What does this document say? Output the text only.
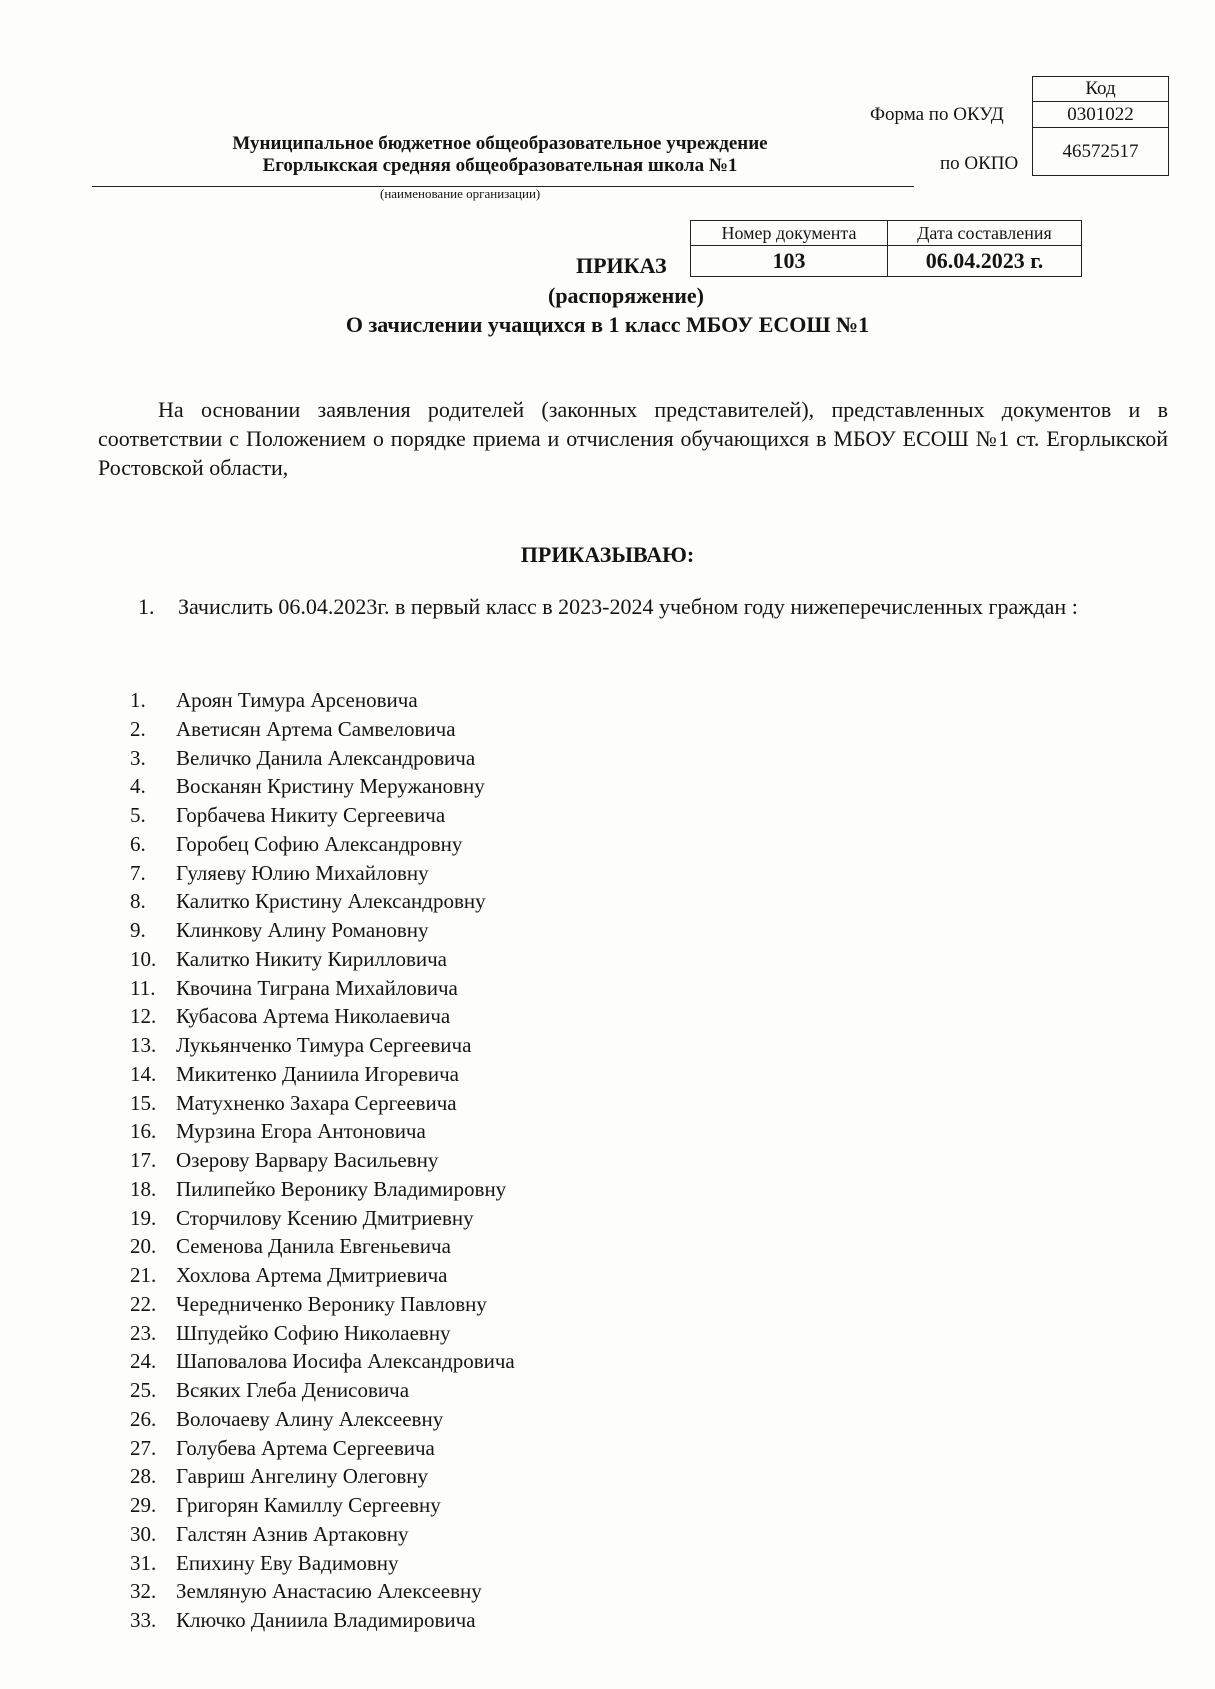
Муниципальное бюджетное общеобразовательное учреждение
Егорлыкская средняя общеобразовательная школа №1
(наименование организации)
Форма по ОКУД
по ОКПО
Код
0301022
46572517
Номер документа	Дата составления
103	06.04.2023 г.
ПРИКАЗ
(распоряжение)
О зачислении учащихся в 1 класс МБОУ ЕСОШ №1
На основании заявления родителей (законных представителей), представленных документов и в соответствии с Положением о порядке приема и отчисления обучающихся в МБОУ ЕСОШ №1 ст. Егорлыкской Ростовской области,
ПРИКАЗЫВАЮ:
1. Зачислить 06.04.2023г. в первый класс в 2023-2024 учебном году нижеперечисленных граждан :
1. Ароян Тимура Арсеновича
2. Аветисян Артема Самвеловича
3. Величко Данила Александровича
4. Восканян Кристину Меружановну
5. Горбачева Никиту Сергеевича
6. Горобец Софию Александровну
7. Гуляеву Юлию Михайловну
8. Калитко Кристину Александровну
9. Клинкову Алину Романовну
10. Калитко Никиту Кирилловича
11. Квочина Тиграна Михайловича
12. Кубасова Артема Николаевича
13. Лукьянченко Тимура Сергеевича
14. Микитенко Даниила Игоревича
15. Матухненко Захара Сергеевича
16. Мурзина Егора Антоновича
17. Озерову Варвару Васильевну
18. Пилипейко Веронику Владимировну
19. Сторчилову Ксению Дмитриевну
20. Семенова Данила Евгеньевича
21. Хохлова Артема Дмитриевича
22. Чередниченко Веронику Павловну
23. Шпудейко Софию Николаевну
24. Шаповалова Иосифа Александровича
25. Всяких Глеба Денисовича
26. Волочаеву Алину Алексеевну
27. Голубева Артема Сергеевича
28. Гавриш Ангелину Олеговну
29. Григорян Камиллу Сергеевну
30. Галстян Азнив Артаковну
31. Епихину Еву Вадимовну
32. Земляную Анастасию Алексеевну
33. Ключко Даниила Владимировича
